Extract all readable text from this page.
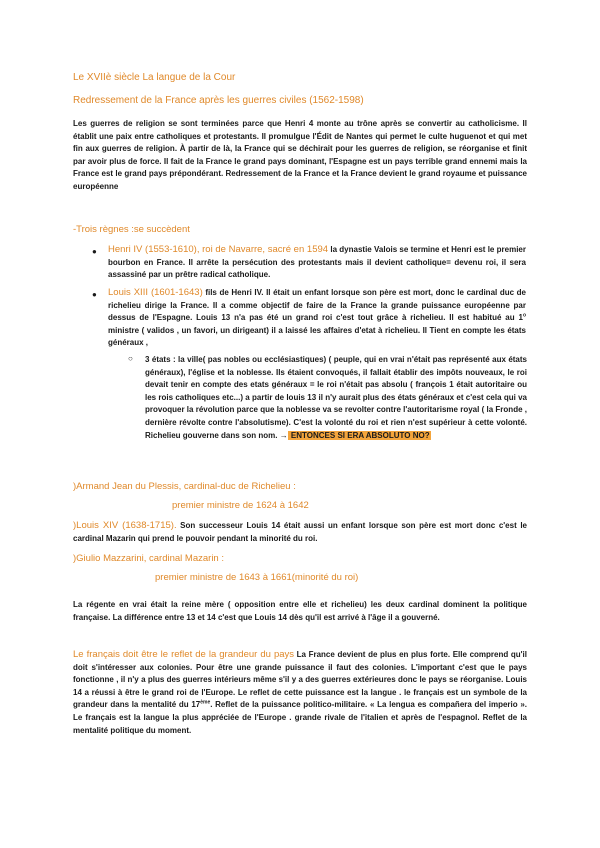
Le XVIIè siècle La langue de la Cour
Redressement de la France après les guerres civiles (1562-1598)
Les guerres de religion se sont terminées parce que Henri 4 monte au trône après se convertir au catholicisme. Il établit une paix entre catholiques et protestants. Il promulgue l'Édit de Nantes qui permet le culte huguenot et qui met fin aux guerres de religion. À partir de là, la France qui se déchirait pour les guerres de religion, se réorganise et finit par avoir plus de force. Il fait de la France le grand pays dominant, l'Espagne est un pays terrible grand ennemi mais la France est le grand pays prépondérant. Redressement de la France et la France devient le grand royaume et puissance européenne
-Trois règnes :se succèdent
● Henri IV (1553-1610), roi de Navarre, sacré en 1594 la dynastie Valois se termine et Henri est le premier bourbon en France. Il arrête la persécution des protestants mais il devient catholique= devenu roi, il sera assassiné par un prêtre radical catholique.
● Louis XIII (1601-1643) fils de Henri IV. Il était un enfant lorsque son père est mort, donc le cardinal duc de richelieu dirige la France. Il a comme objectif de faire de la France la grande puissance européenne par dessus de l'Espagne. Louis 13 n'a pas été un grand roi c'est tout grâce à richelieu. Il est habitué au 1$^o$ ministre ( validos , un favori, un dirigeant) il a laissé les affaires d'etat à richelieu. Il Tient en compte les états généraux ,
○ 3 états : la ville( pas nobles ou ecclésiastiques) ( peuple, qui en vrai n'était pas représenté aux états généraux), l'église et la noblesse. Ils étaient convoqués, il fallait établir des impôts nouveaux, le roi devait tenir en compte des etats généraux = le roi n'était pas absolu ( françois 1 était autoritaire ou les rois catholiques etc...) a partir de louis 13 il n'y aurait plus des états généraux et c'est cela qui va provoquer la révolution parce que la noblesse va se revolter contre l'autoritarisme royal ( la Fronde , dernière révolte contre l'absolutisme). C'est la volonté du roi et rien n'est supérieur à cette volonté. Richelieu gouverne dans son nom. → ENTONCES SI ERA ABSOLUTO NO?
)Armand Jean du Plessis, cardinal-duc de Richelieu :
premier ministre de 1624 à 1642
)Louis XIV (1638-1715). Son successeur Louis 14 était aussi un enfant lorsque son père est mort donc c'est le cardinal Mazarin qui prend le pouvoir pendant la minorité du roi.
)Giulio Mazzarini, cardinal Mazarin :
premier ministre de 1643 à 1661(minorité du roi)
La régente en vrai était la reine mère ( opposition entre elle et richelieu) les deux cardinal dominent la politique française. La différence entre 13 et 14 c'est que Louis 14 dès qu'il est arrivé à l'âge il a gouverné.
Le français doit être le reflet de la grandeur du pays La France devient de plus en plus forte. Elle comprend qu'il doit s'intéresser aux colonies. Pour être une grande puissance il faut des colonies. L'important c'est que le pays fonctionne , il n'y a plus des guerres intérieurs même s'il y a des guerres extérieures donc le pays se réorganise. Louis 14 a réussi à être le grand roi de l'Europe. Le reflet de cette puissance est la langue . le français est un symbole de la grandeur dans la mentalité du 17ème. Reflet de la puissance politico-militaire. « La lengua es compañera del imperio ». Le français est la langue la plus appréciée de l'Europe . grande rivale de l'italien et après de l'espagnol. Reflet de la mentalité politique du moment.
